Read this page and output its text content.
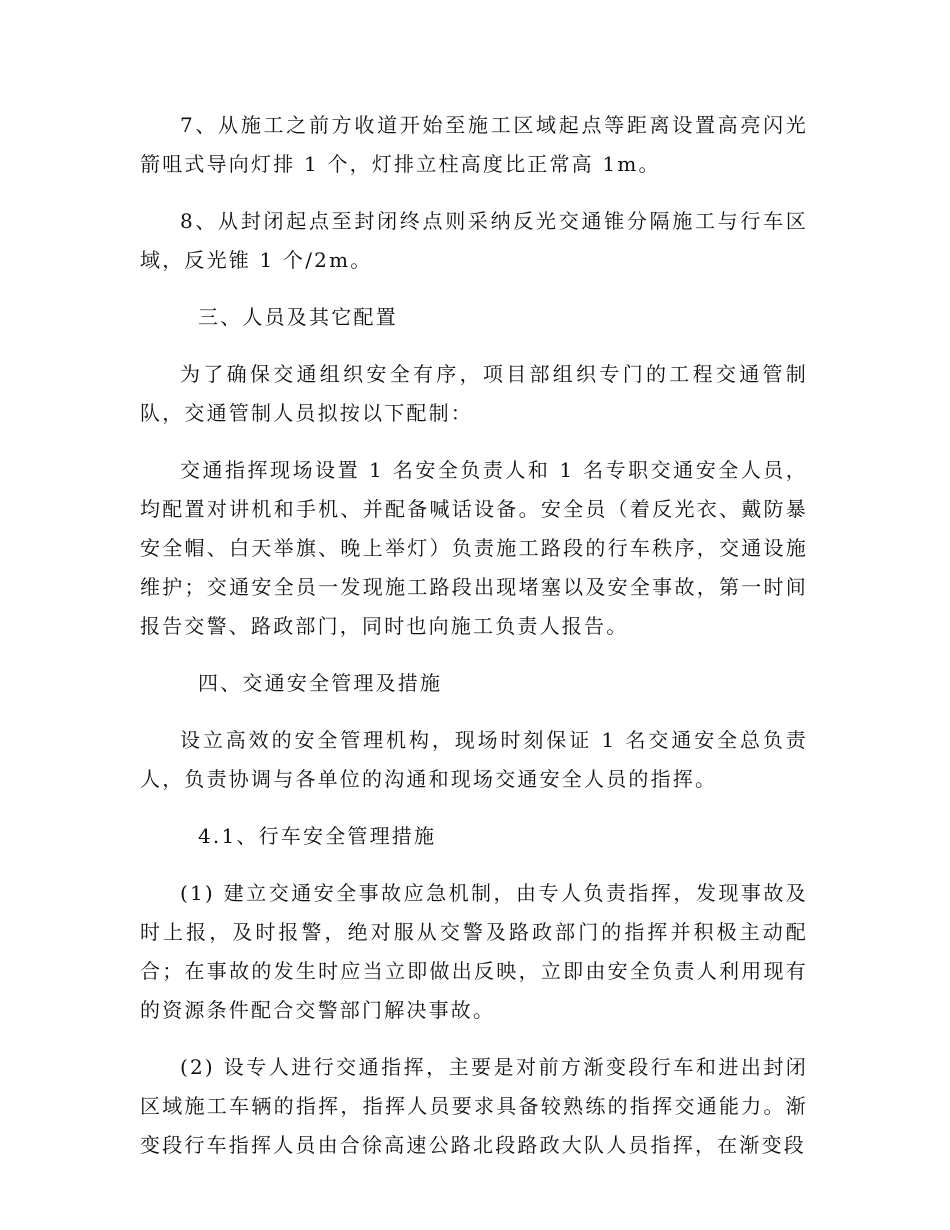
7、从施工之前方收道开始至施工区域起点等距离设置高亮闪光箭咀式导向灯排 1 个，灯排立柱高度比正常高 1m。

8、从封闭起点至封闭终点则采纳反光交通锥分隔施工与行车区域，反光锥 1 个/2m。

三、人员及其它配置

为了确保交通组织安全有序，项目部组织专门的工程交通管制队，交通管制人员拟按以下配制：

交通指挥现场设置 1 名安全负责人和 1 名专职交通安全人员，均配置对讲机和手机、并配备喊话设备。安全员（着反光衣、戴防暴安全帽、白天举旗、晚上举灯）负责施工路段的行车秩序，交通设施维护；交通安全员一发现施工路段出现堵塞以及安全事故，第一时间报告交警、路政部门，同时也向施工负责人报告。

四、交通安全管理及措施

设立高效的安全管理机构，现场时刻保证 1 名交通安全总负责人，负责协调与各单位的沟通和现场交通安全人员的指挥。

4.1、行车安全管理措施

(1) 建立交通安全事故应急机制，由专人负责指挥，发现事故及时上报，及时报警，绝对服从交警及路政部门的指挥并积极主动配合；在事故的发生时应当立即做出反映，立即由安全负责人利用现有的资源条件配合交警部门解决事故。

(2) 设专人进行交通指挥，主要是对前方渐变段行车和进出封闭区域施工车辆的指挥，指挥人员要求具备较熟练的指挥交通能力。渐变段行车指挥人员由合徐高速公路北段路政大队人员指挥，在渐变段
